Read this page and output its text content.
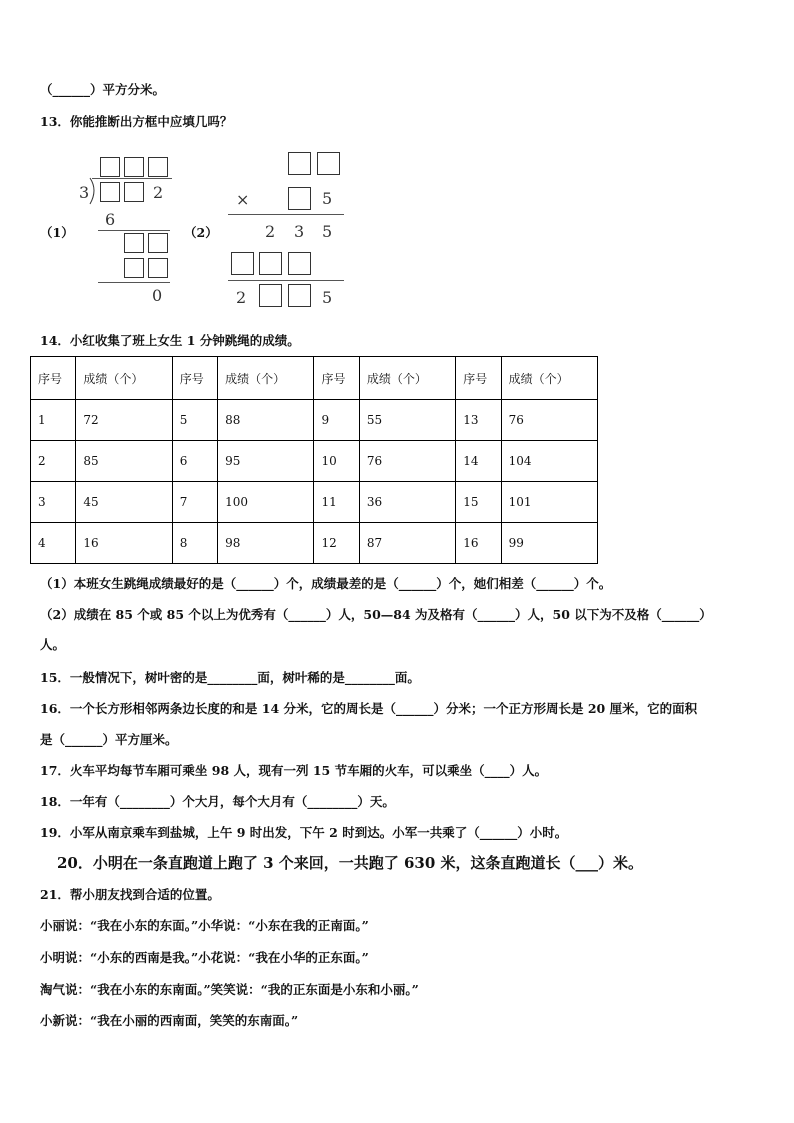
（______）平方分米。
13．你能推断出方框中应填几吗？
（1）	（2）
3	2
6
0
×	5
2 3 5
2	5
14．小红收集了班上女生 1 分钟跳绳的成绩。
序号	成绩（个）	序号	成绩（个）	序号	成绩（个）	序号	成绩（个）
1	72	5	88	9	55	13	76
2	85	6	95	10	76	14	104
3	45	7	100	11	36	15	101
4	16	8	98	12	87	16	99
（1）本班女生跳绳成绩最好的是（______）个，成绩最差的是（______）个，她们相差（______）个。
（2）成绩在 85 个或 85 个以上为优秀有（______）人，50—84 为及格有（______）人，50 以下为不及格（______）
人。
15．一般情况下，树叶密的是________面，树叶稀的是________面。
16．一个长方形相邻两条边长度的和是 14 分米，它的周长是（______）分米；一个正方形周长是 20 厘米，它的面积
是（______）平方厘米。
17．火车平均每节车厢可乘坐 98 人，现有一列 15 节车厢的火车，可以乘坐（____）人。
18．一年有（________）个大月，每个大月有（________）天。
19．小军从南京乘车到盐城，上午 9 时出发，下午 2 时到达。小军一共乘了（______）小时。
20．小明在一条直跑道上跑了 3 个来回，一共跑了 630 米，这条直跑道长（___）米。
21．帮小朋友找到合适的位置。
小丽说：“我在小东的东面。”小华说：“小东在我的正南面。”
小明说：“小东的西南是我。”小花说：“我在小华的正东面。”
淘气说：“我在小东的东南面。”笑笑说：“我的正东面是小东和小丽。”
小新说：“我在小丽的西南面，笑笑的东南面。”
